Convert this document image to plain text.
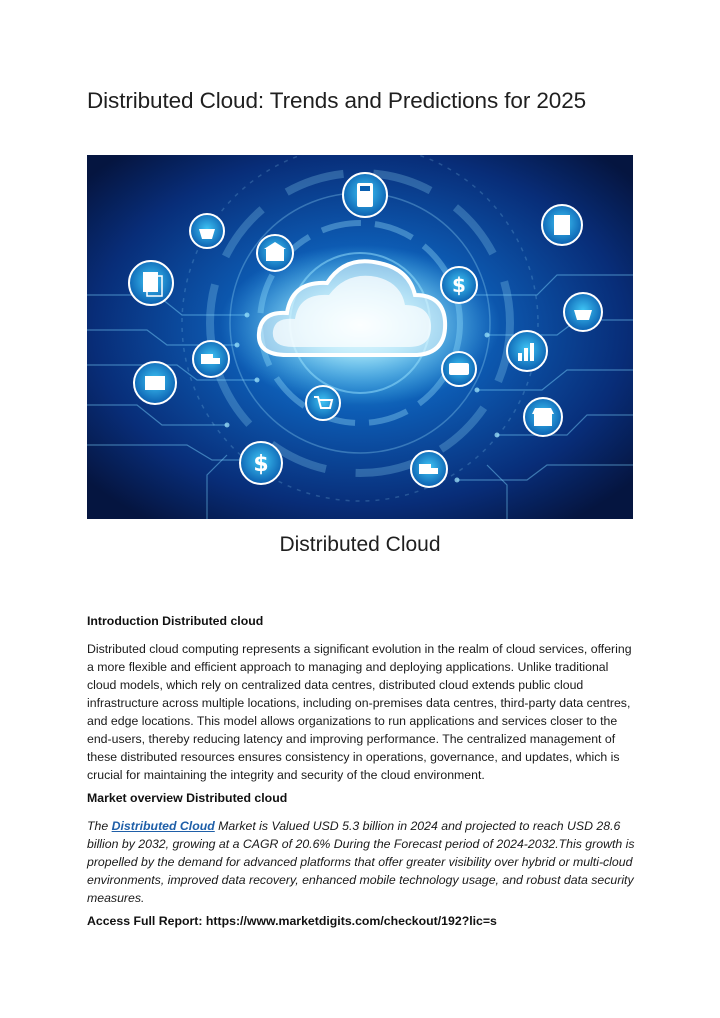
Distributed Cloud: Trends and Predictions for 2025
$
$
Distributed Cloud
Introduction Distributed cloud
Distributed cloud computing represents a significant evolution in the realm of cloud services, offering a more flexible and efficient approach to managing and deploying applications. Unlike traditional cloud models, which rely on centralized data centres, distributed cloud extends public cloud infrastructure across multiple locations, including on-premises data centres, third-party data centres, and edge locations. This model allows organizations to run applications and services closer to the end-users, thereby reducing latency and improving performance. The centralized management of these distributed resources ensures consistency in operations, governance, and updates, which is crucial for maintaining the integrity and security of the cloud environment.
Market overview Distributed cloud
The Distributed Cloud Market is Valued USD 5.3 billion in 2024 and projected to reach USD 28.6 billion by 2032, growing at a CAGR of 20.6% During the Forecast period of 2024-2032.This growth is propelled by the demand for advanced platforms that offer greater visibility over hybrid or multi-cloud environments, improved data recovery, enhanced mobile technology usage, and robust data security measures.
Access Full Report: https://www.marketdigits.com/checkout/192?lic=s
